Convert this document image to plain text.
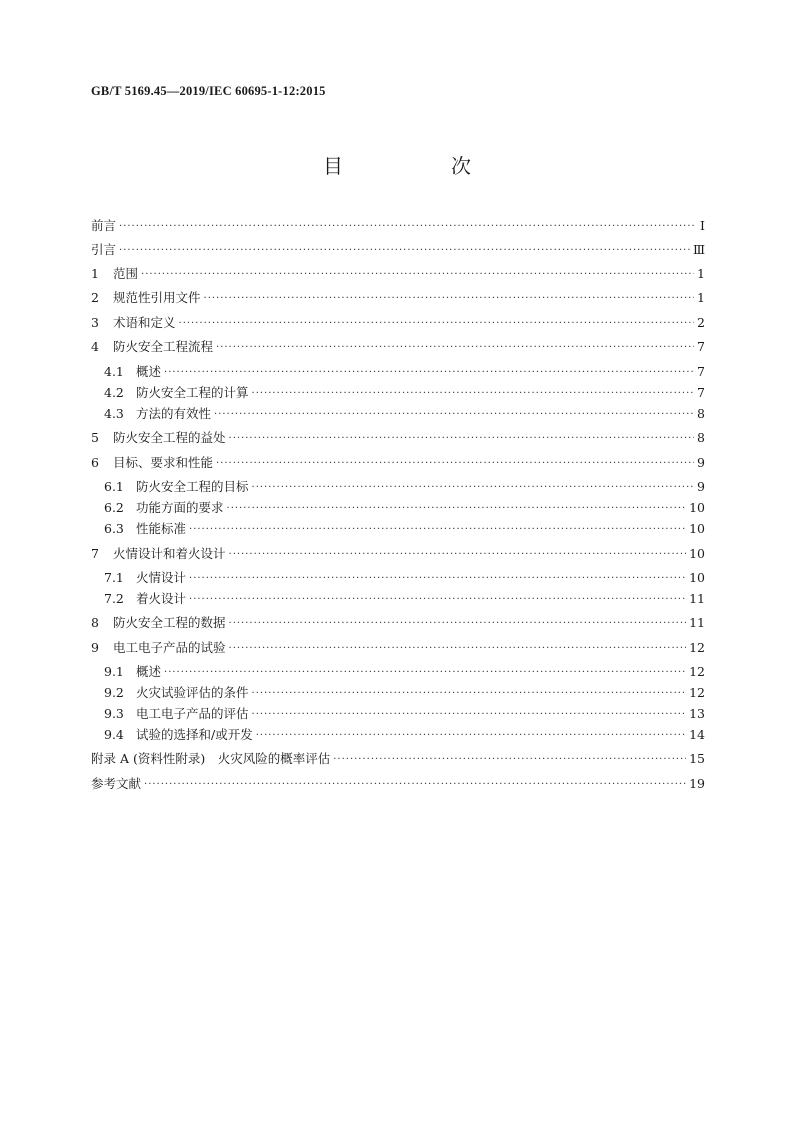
GB/T 5169.45—2019/IEC 60695-1-12:2015
目　次
前言 ·····	Ⅰ
引言 ·····	Ⅲ
1	范围 ·····	1
2	规范性引用文件 ·····	1
3	术语和定义 ·····	2
4	防火安全工程流程 ·····	7
4.1 概述 ·····	7
4.2 防火安全工程的计算 ·····	7
4.3 方法的有效性 ·····	8
5	防火安全工程的益处 ·····	8
6	目标、要求和性能 ·····	9
6.1 防火安全工程的目标 ·····	9
6.2 功能方面的要求 ·····	10
6.3 性能标准 ·····	10
7	火情设计和着火设计 ·····	10
7.1 火情设计 ·····	10
7.2 着火设计 ·····	11
8	防火安全工程的数据 ·····	11
9	电工电子产品的试验 ·····	12
9.1 概述 ·····	12
9.2 火灾试验评估的条件 ·····	12
9.3 电工电子产品的评估 ·····	13
9.4 试验的选择和/或开发 ·····	14
附录 A (资料性附录)　火灾风险的概率评估 ·····	15
参考文献 ·····	19
